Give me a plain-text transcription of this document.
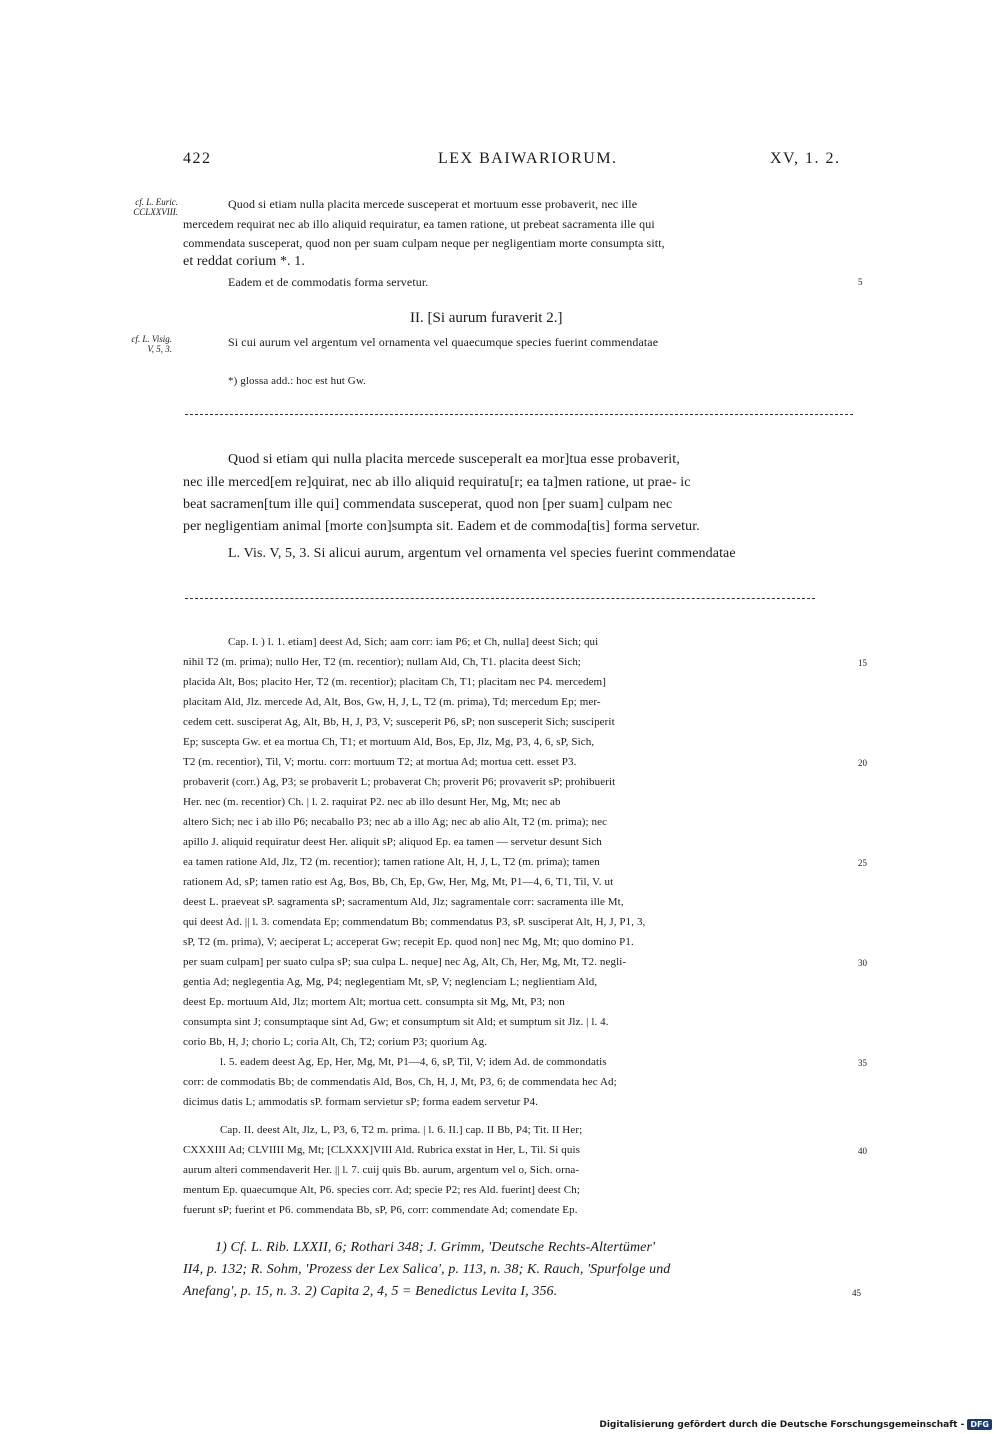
422	LEX BAIWARIORUM.	XV, 1. 2.
cf. L. Euric.
CCLXXVIII.
cf. L. Visig.
V, 5, 3.
Quod si etiam nulla placita mercede susceperat et mortuum esse probaverit, nec ille
mercedem requirat nec ab illo aliquid requiratur, ea tamen ratione, ut prebeat sacramenta ille qui
commendata susceperat, quod non per suam culpam neque per negligentiam morte consumpta sitt,
et reddat corium *. 1.
Eadem et de commodatis forma servetur.	5
II. [Si aurum furaverit 2.]
Si cui aurum vel argentum vel ornamenta vel quaecumque species fuerint commendatae
*) glossa add.: hoc est hut Gw.
Quod si etiam qui nulla placita mercede susceperalt ea mor]tua esse probaverit,
nec ille merced[em re]quirat, nec ab illo aliquid requiratu[r; ea ta]men ratione, ut prae- ic
beat sacramen[tum ille qui] commendata susceperat, quod non [per suam] culpam nec
per negligentiam animal [morte con]sumpta sit. Eadem et de commoda[tis] forma servetur.
L. Vis. V, 5, 3. Si alicui aurum, argentum vel ornamenta vel species fuerint commendatae
Cap. I. ) l. 1. etiam] deest Ad, Sich; aam corr: iam P6; et Ch, nulla] deest Sich; qui
nihil T2 (m. prima); nullo Her, T2 (m. recentior); nullam Ald, Ch, T1. placita deest Sich;
placida Alt, Bos; placito Her, T2 (m. recentior); placitam Ch, T1; placitam nec P4. mercedem]
placitam Ald, Jlz. mercede Ad, Alt, Bos, Gw, H, J, L, T2 (m. prima), Td; mercedum Ep; mer-
cedem cett. susciperat Ag, Alt, Bb, H, J, P3, V; susceperit P6, sP; non susceperit Sich; susciperit
Ep; suscepta Gw. et ea mortua Ch, T1; et mortuum Ald, Bos, Ep, Jlz, Mg, P3, 4, 6, sP, Sich,
T2 (m. recentior), Til, V; mortu. corr: mortuum T2; at mortua Ad; mortua cett. esset P3.
probaverit (corr.) Ag, P3; se probaverit L; probaverat Ch; proverit P6; provaverit sP; prohibuerit
Her. nec (m. recentior) Ch. | l. 2. raquirat P2. nec ab illo desunt Her, Mg, Mt; nec ab
altero Sich; nec i ab illo P6; necaballo P3; nec ab a illo Ag; nec ab alio Alt, T2 (m. prima); nec
apillo J. aliquid requiratur deest Her. aliquit sP; aliquod Ep. ea tamen — servetur desunt Sich
ea tamen ratione Ald, Jlz, T2 (m. recentior); tamen ratione Alt, H, J, L, T2 (m. prima); tamen
rationem Ad, sP; tamen ratio est Ag, Bos, Bb, Ch, Ep, Gw, Her, Mg, Mt, P1—4, 6, T1, Til, V. ut
deest L. praeveat sP. sagramenta sP; sacramentum Ald, Jlz; sagramentale corr: sacramenta ille Mt,
qui deest Ad. || l. 3. comendata Ep; commendatum Bb; commendatus P3, sP. susciperat Alt, H, J, P1, 3,
sP, T2 (m. prima), V; aeciperat L; acceperat Gw; recepit Ep. quod non] nec Mg, Mt; quo domino P1.
per suam culpam] per suato culpa sP; sua culpa L. neque] nec Ag, Alt, Ch, Her, Mg, Mt, T2. negli-
gentia Ad; neglegentia Ag, Mg, P4; neglegentiam Mt, sP, V; neglenciam L; neglientiam Ald,
deest Ep. mortuum Ald, Jlz; mortem Alt; mortua cett. consumpta sit Mg, Mt, P3; non
consumpta sint J; consumptaque sint Ad, Gw; et consumptum sit Ald; et sumptum sit Jlz. | l. 4.
corio Bb, H, J; chorio L; coria Alt, Ch, T2; corium P3; quorium Ag.
l. 5. eadem deest Ag, Ep, Her, Mg, Mt, P1—4, 6, sP, Til, V; idem Ad. de commondatis
corr: de commodatis Bb; de commendatis Ald, Bos, Ch, H, J, Mt, P3, 6; de commendata hec Ad;
dicimus datis L; ammodatis sP. formam servietur sP; forma eadem servetur P4.
Cap. II. deest Alt, Jlz, L, P3, 6, T2 m. prima. | l. 6. II.] cap. II Bb, P4; Tit. II Her;
CXXXIII Ad; CLVIIII Mg, Mt; [CLXXX]VIII Ald. Rubrica exstat in Her, L, Til. Si quis
aurum alteri commendaverit Her. || l. 7. cuij quis Bb. aurum, argentum vel o, Sich. orna-
mentum Ep. quaecumque Alt, P6. species corr. Ad; specie P2; res Ald. fuerint] deest Ch;
fuerunt sP; fuerint et P6. commendata Bb, sP, P6, corr: commendate Ad; comendate Ep.
15
20
25
30
35
40
1) Cf. L. Rib. LXXII, 6; Rothari 348; J. Grimm, 'Deutsche Rechts-Altertümer'
II4, p. 132; R. Sohm, 'Prozess der Lex Salica', p. 113, n. 38; K. Rauch, 'Spurfolge und
Anefang', p. 15, n. 3. 2) Capita 2, 4, 5 = Benedictus Levita I, 356.	45
Digitalisierung gefördert durch die Deutsche Forschungsgemeinschaft - DFG
